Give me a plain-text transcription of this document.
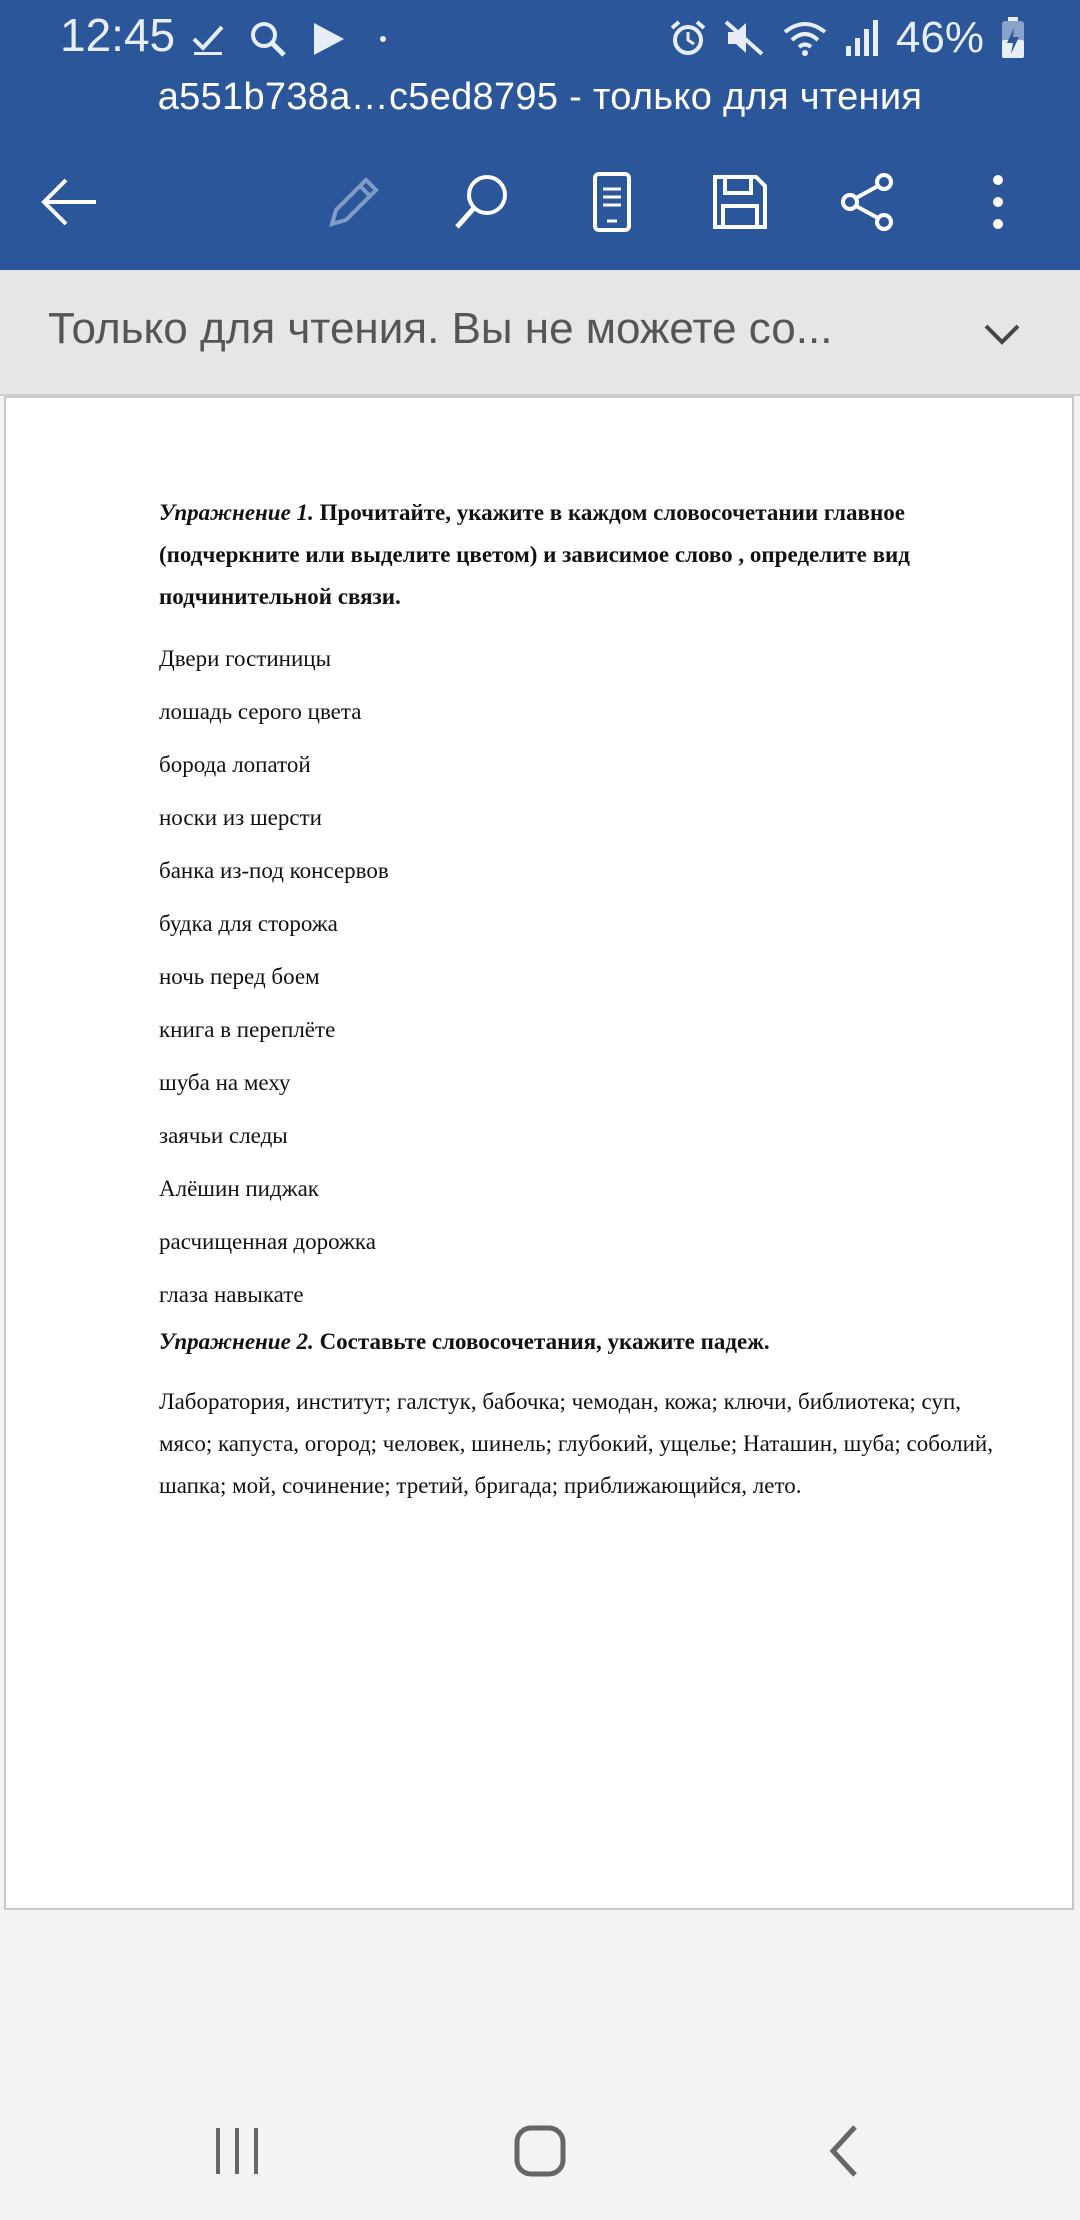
12:45	46%
a551b738a…c5ed8795 - только для чтения
Только для чтения. Вы не можете со...

Упражнение 1. Прочитайте, укажите в каждом словосочетании главное (подчеркните или выделите цветом) и зависимое слово , определите вид подчинительной связи.

Двери гостиницы
лошадь серого цвета
борода лопатой
носки из шерсти
банка из-под консервов
будка для сторожа
ночь перед боем
книга в переплёте
шуба на меху
заячьи следы
Алёшин пиджак
расчищенная дорожка
глаза навыкате

Упражнение 2. Составьте словосочетания, укажите падеж.

Лаборатория, институт; галстук, бабочка; чемодан, кожа; ключи, библиотека; суп, мясо; капуста, огород; человек, шинель; глубокий, ущелье; Наташин, шуба; соболий, шапка; мой, сочинение; третий, бригада; приближающийся, лето.
